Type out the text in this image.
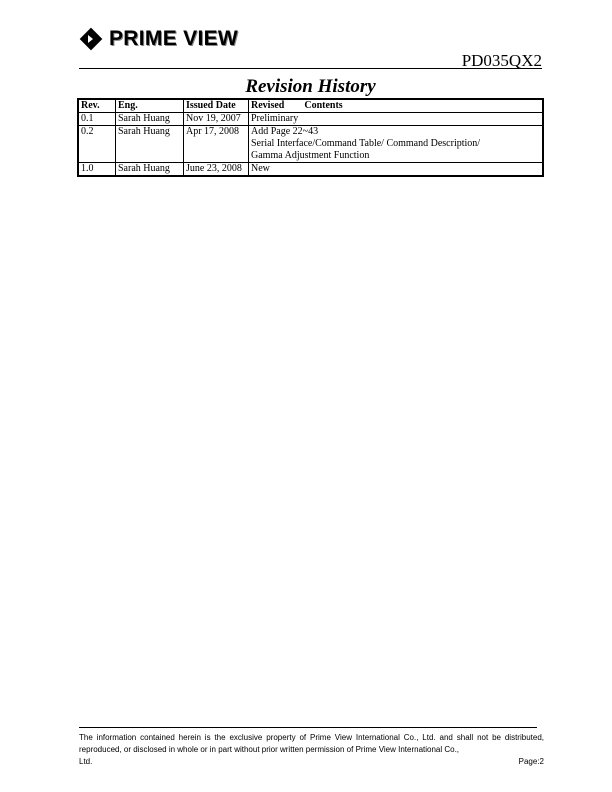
PRIME VIEW
PD035QX2
Revision History
Rev.	Eng.	Issued Date	Revised Contents
0.1	Sarah Huang	Nov 19, 2007	Preliminary

0.2	Sarah Huang	Apr 17, 2008	Add Page 22~43
Serial Interface/Command Table/ Command Description/
Gamma Adjustment Function

1.0	Sarah Huang	June 23, 2008	New
The information contained herein is the exclusive property of Prime View International Co., Ltd. and shall not be distributed, reproduced, or disclosed in whole or in part without prior written permission of Prime View International Co.,
Ltd.	Page:2
